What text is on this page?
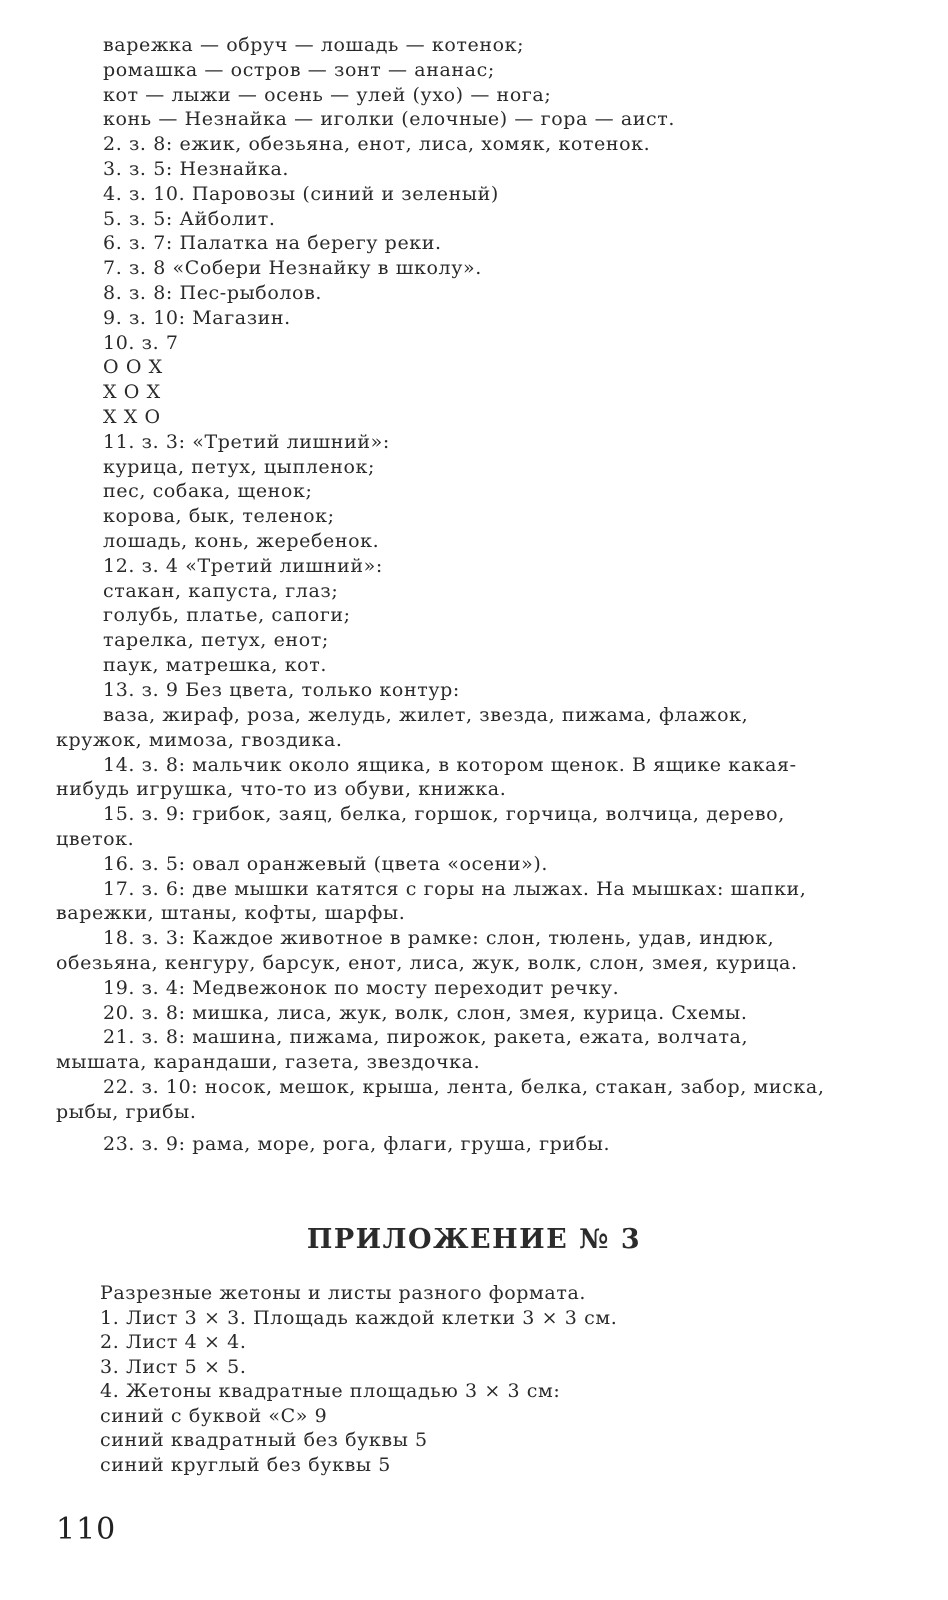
варежка — обруч — лошадь — котенок;
ромашка — остров — зонт — ананас;
кот — лыжи — осень — улей (ухо) — нога;
конь — Незнайка — иголки (елочные) — гора — аист.
2. з. 8: ежик, обезьяна, енот, лиса, хомяк, котенок.
3. з. 5: Незнайка.
4. з. 10. Паровозы (синий и зеленый)
5. з. 5: Айболит.
6. з. 7: Палатка на берегу реки.
7. з. 8 «Собери Незнайку в школу».
8. з. 8: Пес-рыболов.
9. з. 10: Магазин.
10. з. 7
О О Х
Х О Х
Х Х О
11. з. 3: «Третий лишний»:
курица, петух, цыпленок;
пес, собака, щенок;
корова, бык, теленок;
лошадь, конь, жеребенок.
12. з. 4 «Третий лишний»:
стакан, капуста, глаз;
голубь, платье, сапоги;
тарелка, петух, енот;
паук, матрешка, кот.
13. з. 9 Без цвета, только контур:
ваза, жираф, роза, желудь, жилет, звезда, пижама, флажок,
кружок, мимоза, гвоздика.
14. з. 8: мальчик около ящика, в котором щенок. В ящике какая-
нибудь игрушка, что-то из обуви, книжка.
15. з. 9: грибок, заяц, белка, горшок, горчица, волчица, дерево,
цветок.
16. з. 5: овал оранжевый (цвета «осени»).
17. з. 6: две мышки катятся с горы на лыжах. На мышках: шапки,
варежки, штаны, кофты, шарфы.
18. з. 3: Каждое животное в рамке: слон, тюлень, удав, индюк,
обезьяна, кенгуру, барсук, енот, лиса, жук, волк, слон, змея, курица.
19. з. 4: Медвежонок по мосту переходит речку.
20. з. 8: мишка, лиса, жук, волк, слон, змея, курица. Схемы.
21. з. 8: машина, пижама, пирожок, ракета, ежата, волчата,
мышата, карандаши, газета, звездочка.
22. з. 10: носок, мешок, крыша, лента, белка, стакан, забор, миска,
рыбы, грибы.
23. з. 9: рама, море, рога, флаги, груша, грибы.
ПРИЛОЖЕНИЕ № 3
Разрезные жетоны и листы разного формата.
1. Лист 3 × 3. Площадь каждой клетки 3 × 3 см.
2. Лист 4 × 4.
3. Лист 5 × 5.
4. Жетоны квадратные площадью 3 × 3 см:
синий с буквой «С» 9
синий квадратный без буквы 5
синий круглый без буквы 5
110
